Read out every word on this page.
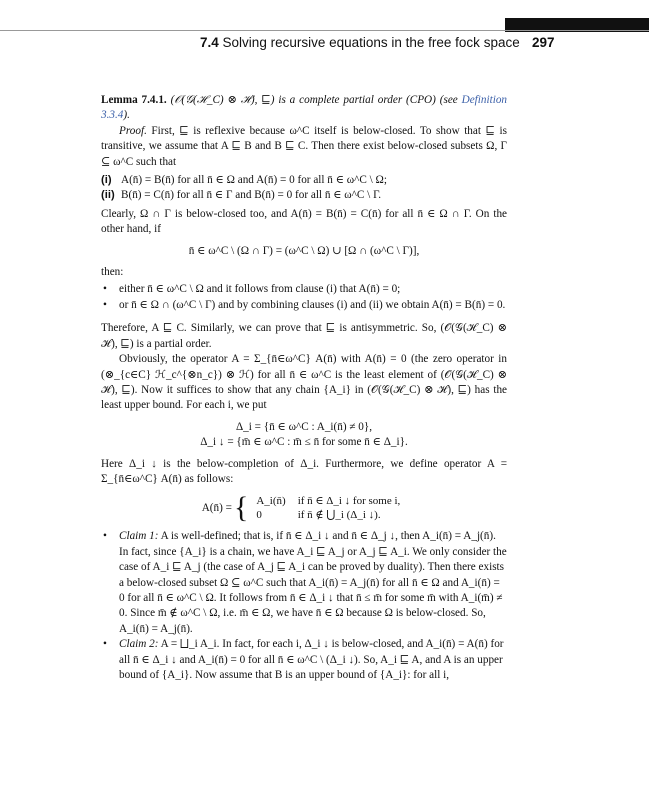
7.4 Solving recursive equations in the free fock space 297

Lemma 7.4.1. (𝒪(𝒢(ℋ_C) ⊗ ℋ), ⊑) is a complete partial order (CPO) (see Definition 3.3.4).

Proof. First, ⊑ is reflexive because ω^C itself is below-closed. To show that ⊑ is transitive, we assume that A ⊑ B and B ⊑ C. Then there exist below-closed subsets Ω, Γ ⊆ ω^C such that

(i) A(n̄) = B(n̄) for all n̄ ∈ Ω and A(n̄) = 0 for all n̄ ∈ ω^C \ Ω;
(ii) B(n̄) = C(n̄) for all n̄ ∈ Γ and B(n̄) = 0 for all n̄ ∈ ω^C \ Γ.

Clearly, Ω ∩ Γ is below-closed too, and A(n̄) = B(n̄) = C(n̄) for all n̄ ∈ Ω ∩ Γ. On the other hand, if

n̄ ∈ ω^C \ (Ω ∩ Γ) = (ω^C \ Ω) ∪ [Ω ∩ (ω^C \ Γ)],

then:

• either n̄ ∈ ω^C \ Ω and it follows from clause (i) that A(n̄) = 0;
• or n̄ ∈ Ω ∩ (ω^C \ Γ) and by combining clauses (i) and (ii) we obtain A(n̄) = B(n̄) = 0.

Therefore, A ⊑ C. Similarly, we can prove that ⊑ is antisymmetric. So, (𝒪(𝒢(ℋ_C) ⊗ ℋ), ⊑) is a partial order.

Obviously, the operator A = Σ_{n̄∈ω^C} A(n̄) with A(n̄) = 0 (the zero operator in (⊗_{c∈C} ℋ_c^{⊗n_c}) ⊗ ℋ) for all n̄ ∈ ω^C is the least element of (𝒪(𝒢(ℋ_C) ⊗ ℋ), ⊑). Now it suffices to show that any chain {A_i} in (𝒪(𝒢(ℋ_C) ⊗ ℋ), ⊑) has the least upper bound. For each i, we put

Δ_i = {n̄ ∈ ω^C : A_i(n̄) ≠ 0},
Δ_i ↓ = {m̄ ∈ ω^C : m̄ ≤ n̄ for some n̄ ∈ Δ_i}.

Here Δ_i ↓ is the below-completion of Δ_i. Furthermore, we define operator A = Σ_{n̄∈ω^C} A(n̄) as follows:

A(n̄) = { A_i(n̄)	if n̄ ∈ Δ_i ↓ for some i,
0	if n̄ ∉ ⋃_i (Δ_i ↓).
• Claim 1: A is well-defined; that is, if n̄ ∈ Δ_i ↓ and n̄ ∈ Δ_j ↓, then A_i(n̄) = A_j(n̄). In fact, since {A_i} is a chain, we have A_i ⊑ A_j or A_j ⊑ A_i. We only consider the case of A_i ⊑ A_j (the case of A_j ⊑ A_i can be proved by duality). Then there exists a below-closed subset Ω ⊆ ω^C such that A_i(n̄) = A_j(n̄) for all n̄ ∈ Ω and A_i(n̄) = 0 for all n̄ ∈ ω^C \ Ω. It follows from n̄ ∈ Δ_i ↓ that n̄ ≤ m̄ for some m̄ with A_i(m̄) ≠ 0. Since m̄ ∉ ω^C \ Ω, i.e. m̄ ∈ Ω, we have n̄ ∈ Ω because Ω is below-closed. So, A_i(n̄) = A_j(n̄).
• Claim 2: A = ⨆_i A_i. In fact, for each i, Δ_i ↓ is below-closed, and A_i(n̄) = A(n̄) for all n̄ ∈ Δ_i ↓ and A_i(n̄) = 0 for all n̄ ∈ ω^C \ (Δ_i ↓). So, A_i ⊑ A, and A is an upper bound of {A_i}. Now assume that B is an upper bound of {A_i}: for all i,
